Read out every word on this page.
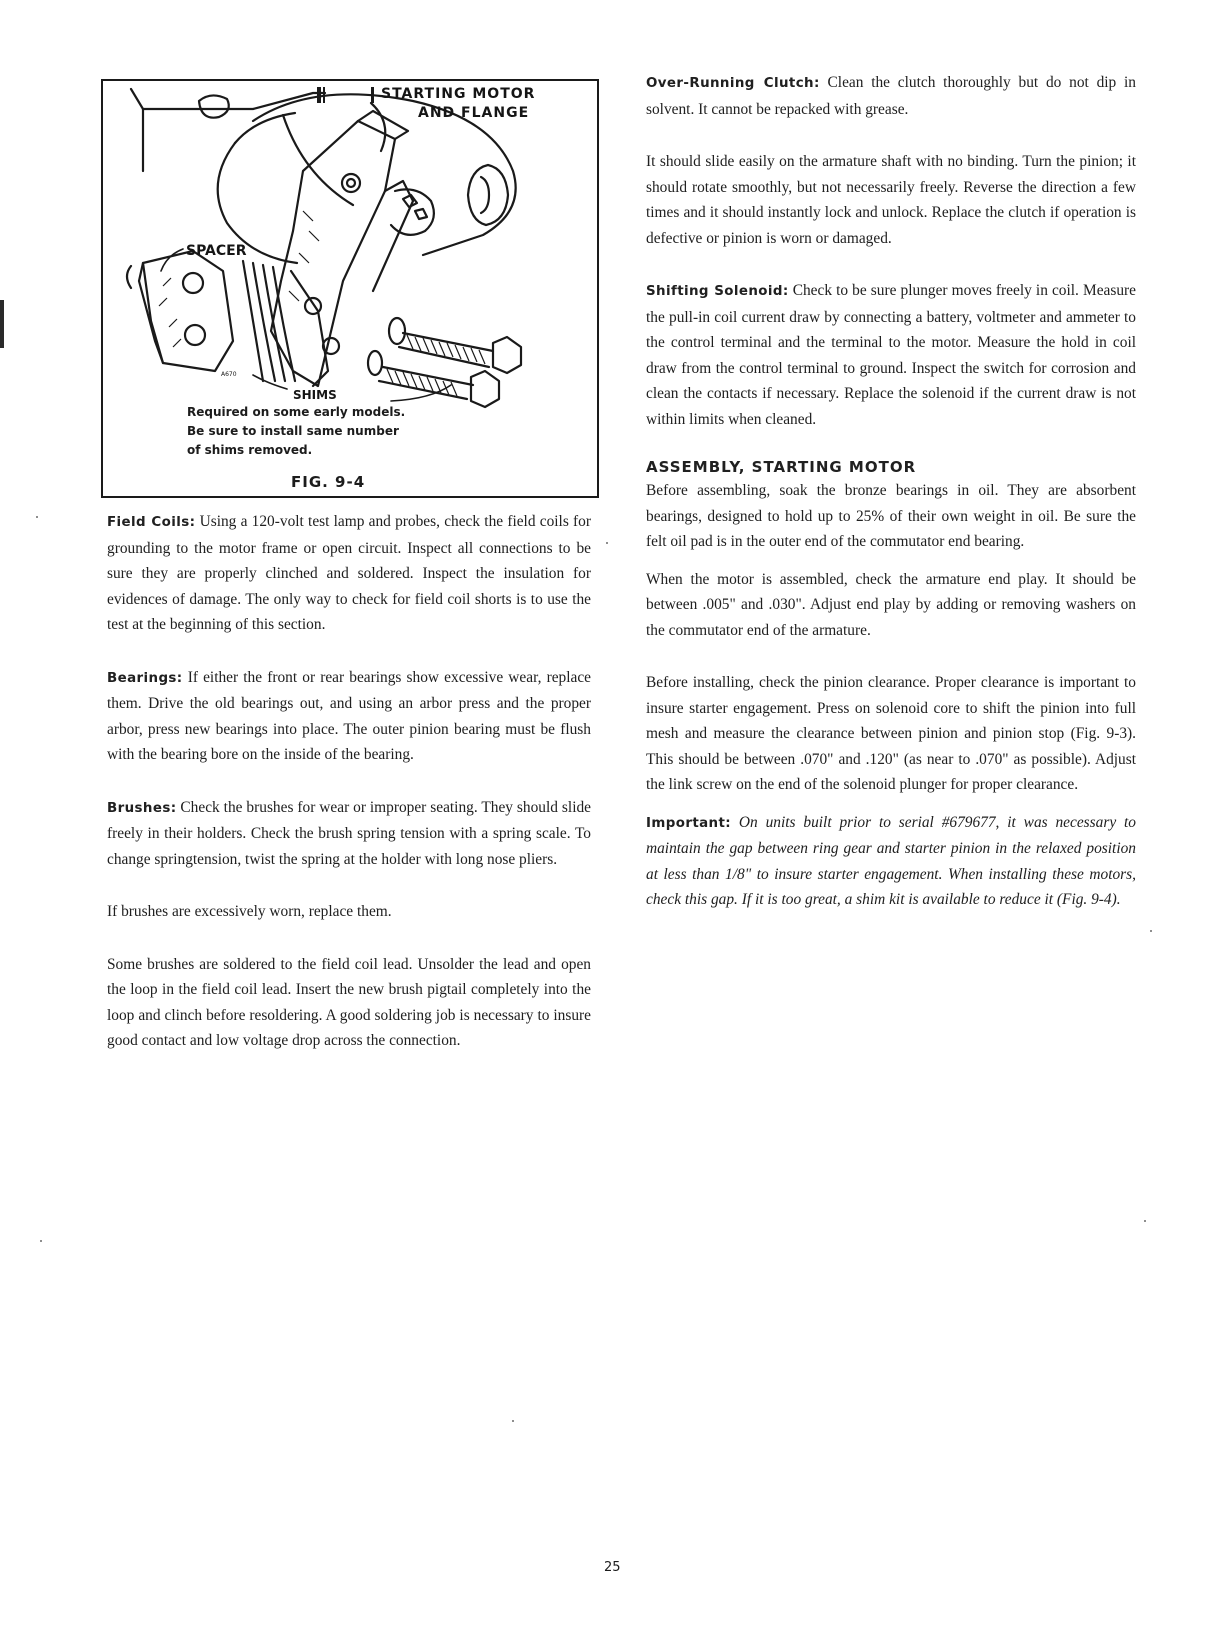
STARTING MOTOR
AND FLANGE
SPACER
A670
SHIMS
Required on some early models.
Be sure to install same number
of shims removed.
FIG. 9-4

Field Coils: Using a 120-volt test lamp and probes, check the field coils for grounding to the motor frame or open circuit. Inspect all connections to be sure they are properly clinched and soldered. Inspect the insulation for evidences of damage. The only way to check for field coil shorts is to use the test at the beginning of this section.

Bearings: If either the front or rear bearings show excessive wear, replace them. Drive the old bearings out, and using an arbor press and the proper arbor, press new bearings into place. The outer pinion bearing must be flush with the bearing bore on the inside of the bearing.

Brushes: Check the brushes for wear or improper seating. They should slide freely in their holders. Check the brush spring tension with a spring scale. To change springtension, twist the spring at the holder with long nose pliers.

If brushes are excessively worn, replace them.

Some brushes are soldered to the field coil lead. Unsolder the lead and open the loop in the field coil lead. Insert the new brush pigtail completely into the loop and clinch before resoldering. A good soldering job is necessary to insure good contact and low voltage drop across the connection.

Over-Running Clutch: Clean the clutch thoroughly but do not dip in solvent. It cannot be repacked with grease.

It should slide easily on the armature shaft with no binding. Turn the pinion; it should rotate smoothly, but not necessarily freely. Reverse the direction a few times and it should instantly lock and unlock. Replace the clutch if operation is defective or pinion is worn or damaged.

Shifting Solenoid: Check to be sure plunger moves freely in coil. Measure the pull-in coil current draw by connecting a battery, voltmeter and ammeter to the control terminal and the terminal to the motor. Measure the hold in coil draw from the control terminal to ground. Inspect the switch for corrosion and clean the contacts if necessary. Replace the solenoid if the current draw is not within limits when cleaned.

ASSEMBLY, STARTING MOTOR

Before assembling, soak the bronze bearings in oil. They are absorbent bearings, designed to hold up to 25% of their own weight in oil. Be sure the felt oil pad is in the outer end of the commutator end bearing.

When the motor is assembled, check the armature end play. It should be between .005" and .030". Adjust end play by adding or removing washers on the commutator end of the armature.

Before installing, check the pinion clearance. Proper clearance is important to insure starter engagement. Press on solenoid core to shift the pinion into full mesh and measure the clearance between pinion and pinion stop (Fig. 9-3). This should be between .070" and .120" (as near to .070" as possible). Adjust the link screw on the end of the solenoid plunger for proper clearance.

Important: On units built prior to serial #679677, it was necessary to maintain the gap between ring gear and starter pinion in the relaxed position at less than 1/8" to insure starter engagement. When installing these motors, check this gap. If it is too great, a shim kit is available to reduce it (Fig. 9-4).

25
